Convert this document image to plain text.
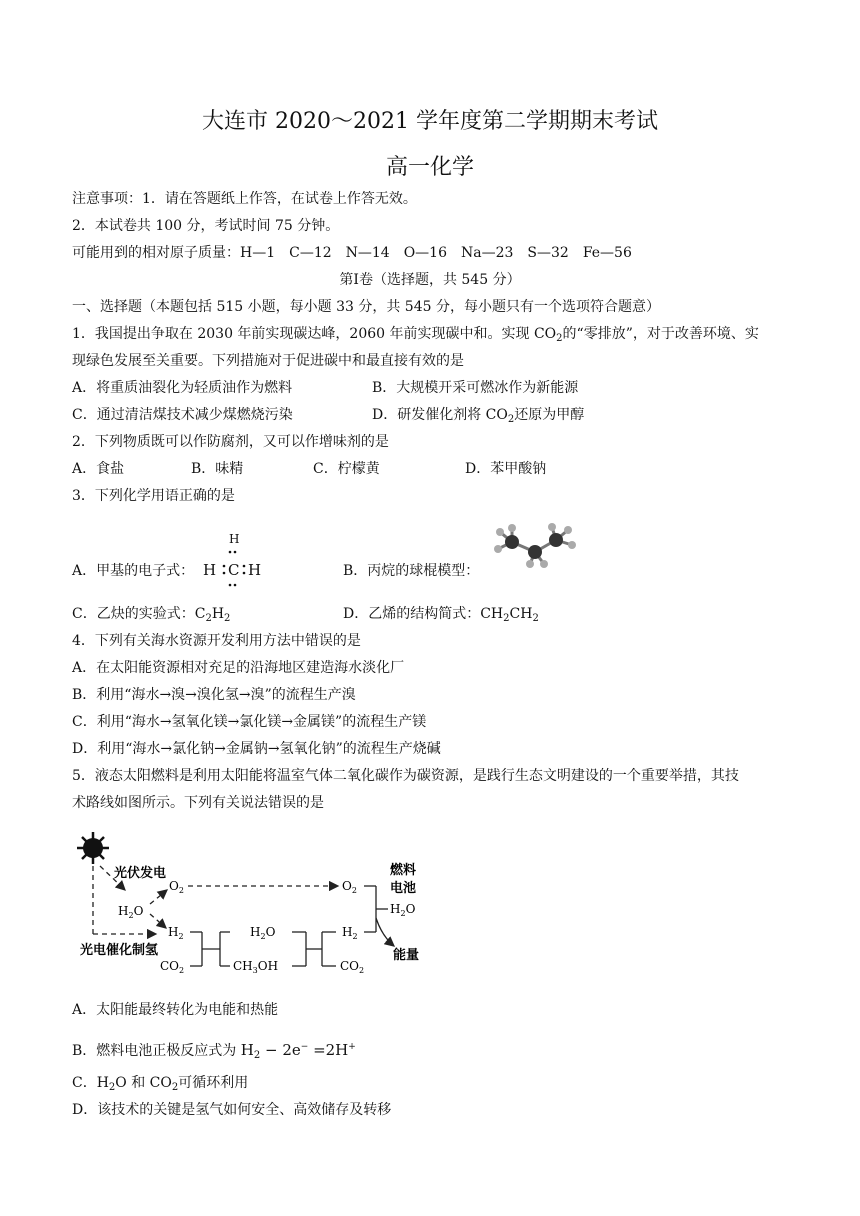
大连市 2020～2021 学年度第二学期期末考试
高一化学
注意事项：1．请在答题纸上作答，在试卷上作答无效。
2．本试卷共 100 分，考试时间 75 分钟。
可能用到的相对原子质量：H—1　C—12　N—14　O—16　Na—23　S—32　Fe—56
第Ⅰ卷（选择题，共 545 分）
一、选择题（本题包括 515 小题，每小题 33 分，共 545 分，每小题只有一个选项符合题意）
1．我国提出争取在 2030 年前实现碳达峰，2060 年前实现碳中和。实现 $CO_2$的“零排放”，对于改善环境、实
现绿色发展至关重要。下列措施对于促进碳中和最直接有效的是
A．将重质油裂化为轻质油作为燃料	B．大规模开采可燃冰作为新能源
C．通过清洁煤技术减少煤燃烧污染	D．研发催化剂将 $CO_2$还原为甲醇
2．下列物质既可以作防腐剂，又可以作增味剂的是
A．食盐	B．味精	C．柠檬黄	D．苯甲酸钠
3．下列化学用语正确的是
A．甲基的电子式：
H
H C H	B．丙烷的球棍模型：
C．乙炔的实验式：$C_2H_2$	D．乙烯的结构简式：$CH_2CH_2$
4．下列有关海水资源开发利用方法中错误的是
A．在太阳能资源相对充足的沿海地区建造海水淡化厂
B．利用“海水→溴→溴化氢→溴”的流程生产溴
C．利用“海水→氢氧化镁→氯化镁→金属镁”的流程生产镁
D．利用“海水→氯化钠→金属钠→氢氧化钠”的流程生产烧碱
5．液态太阳燃料是利用太阳能将温室气体二氧化碳作为碳资源，是践行生态文明建设的一个重要举措，其技
术路线如图所示。下列有关说法错误的是
光伏发电
光电催化制氢
燃料
电池
能量
$O_2$
$H_2O$
$H_2$
$CO_2$
$H_2O$
$CH_3OH$
$O_2$
$H_2$
$CO_2$
$H_2O$
A．太阳能最终转化为电能和热能
B．燃料电池正极反应式为 $H_2 - 2e^- =2H^+$
C．$H_2O$ 和 $CO_2$可循环利用
D．该技术的关键是氢气如何安全、高效储存及转移
